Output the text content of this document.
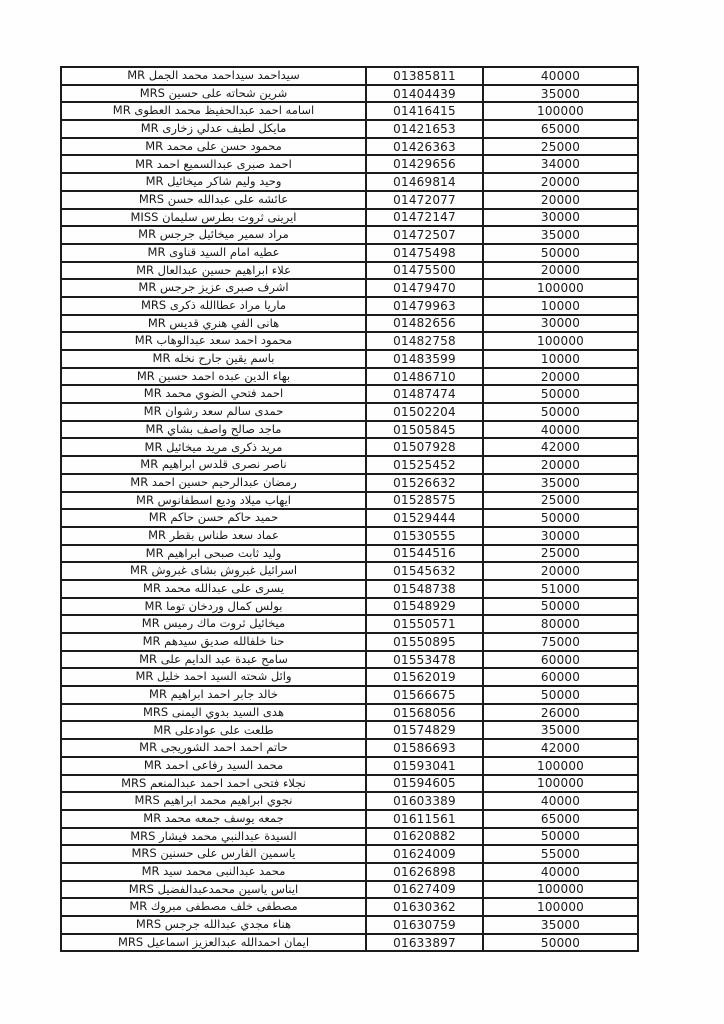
سيداحمد سيداحمد محمد الجمل MR	01385811	40000
شرين شحاته على حسين MRS	01404439	35000
اسامه احمد عبدالحفيظ محمد العطوى MR	01416415	100000
مايكل لطيف عدلي زخارى MR	01421653	65000
محمود حسن على محمد MR	01426363	25000
احمد صبرى عبدالسميع احمد MR	01429656	34000
وحيد وليم شاكر ميخائيل MR	01469814	20000
عائشه على عبدالله حسن MRS	01472077	20000
ايرينى ثروت بطرس سليمان MISS	01472147	30000
مراد سمير ميخائيل جرجس MR	01472507	35000
عطيه امام السيد قناوى MR	01475498	50000
علاء ابراهيم حسين عبدالعال MR	01475500	20000
اشرف صبرى عزيز جرجس MR	01479470	100000
ماريا مراد عطاالله ذكرى MRS	01479963	10000
هانى الفي هنري قديس MR	01482656	30000
محمود احمد سعد عبدالوهاب MR	01482758	100000
باسم يقين جارح نخله MR	01483599	10000
بهاء الدين عبده احمد حسين MR	01486710	20000
احمد فتحي الضوي محمد MR	01487474	50000
حمدى سالم سعد رشوان MR	01502204	50000
ماجد صالح واصف بشاي MR	01505845	40000
مريد ذكرى مريد ميخائيل MR	01507928	42000
ناصر نصرى قلدس ابراهيم MR	01525452	20000
رمضان عبدالرحيم حسين احمد MR	01526632	35000
ايهاب ميلاد وديع اسطفانوس MR	01528575	25000
حميد حاكم حسن حاكم MR	01529444	50000
عماد سعد طناس بقطر MR	01530555	30000
وليد ثابت صبحى ابراهيم MR	01544516	25000
اسرائيل غبروش بشاى غبروش MR	01545632	20000
يسرى على عبدالله محمد MR	01548738	51000
بولس كمال وردخان توما MR	01548929	50000
ميخائيل ثروت ماك رميس MR	01550571	80000
حنا خلفالله صديق سيدهم MR	01550895	75000
سامح عبدة عبد الدايم على MR	01553478	60000
وائل شحته السيد احمد خليل MR	01562019	60000
خالد جابر احمد ابراهيم MR	01566675	50000
هدى السيد بدوي اليمنى MRS	01568056	26000
طلعت على عوادعلى MR	01574829	35000
حاتم احمد احمد الشوريجى MR	01586693	42000
محمد السيد رفاعى احمد MR	01593041	100000
نجلاء فتحى احمد احمد عبدالمنعم MRS	01594605	100000
نجوي ابراهيم محمد ابراهيم MRS	01603389	40000
جمعه يوسف جمعه محمد MR	01611561	65000
السيدة عبدالنبي محمد فيشار MRS	01620882	50000
ياسمين الفارس على حسنين MRS	01624009	55000
محمد عبدالنبى محمد سيد MR	01626898	40000
ايناس ياسين محمدعبدالفضيل MRS	01627409	100000
مصطفى خلف مصطفى مبروك MR	01630362	100000
هناء مجدي عبدالله جرجس MRS	01630759	35000
ايمان احمدالله عبدالعزيز اسماعيل MRS	01633897	50000
